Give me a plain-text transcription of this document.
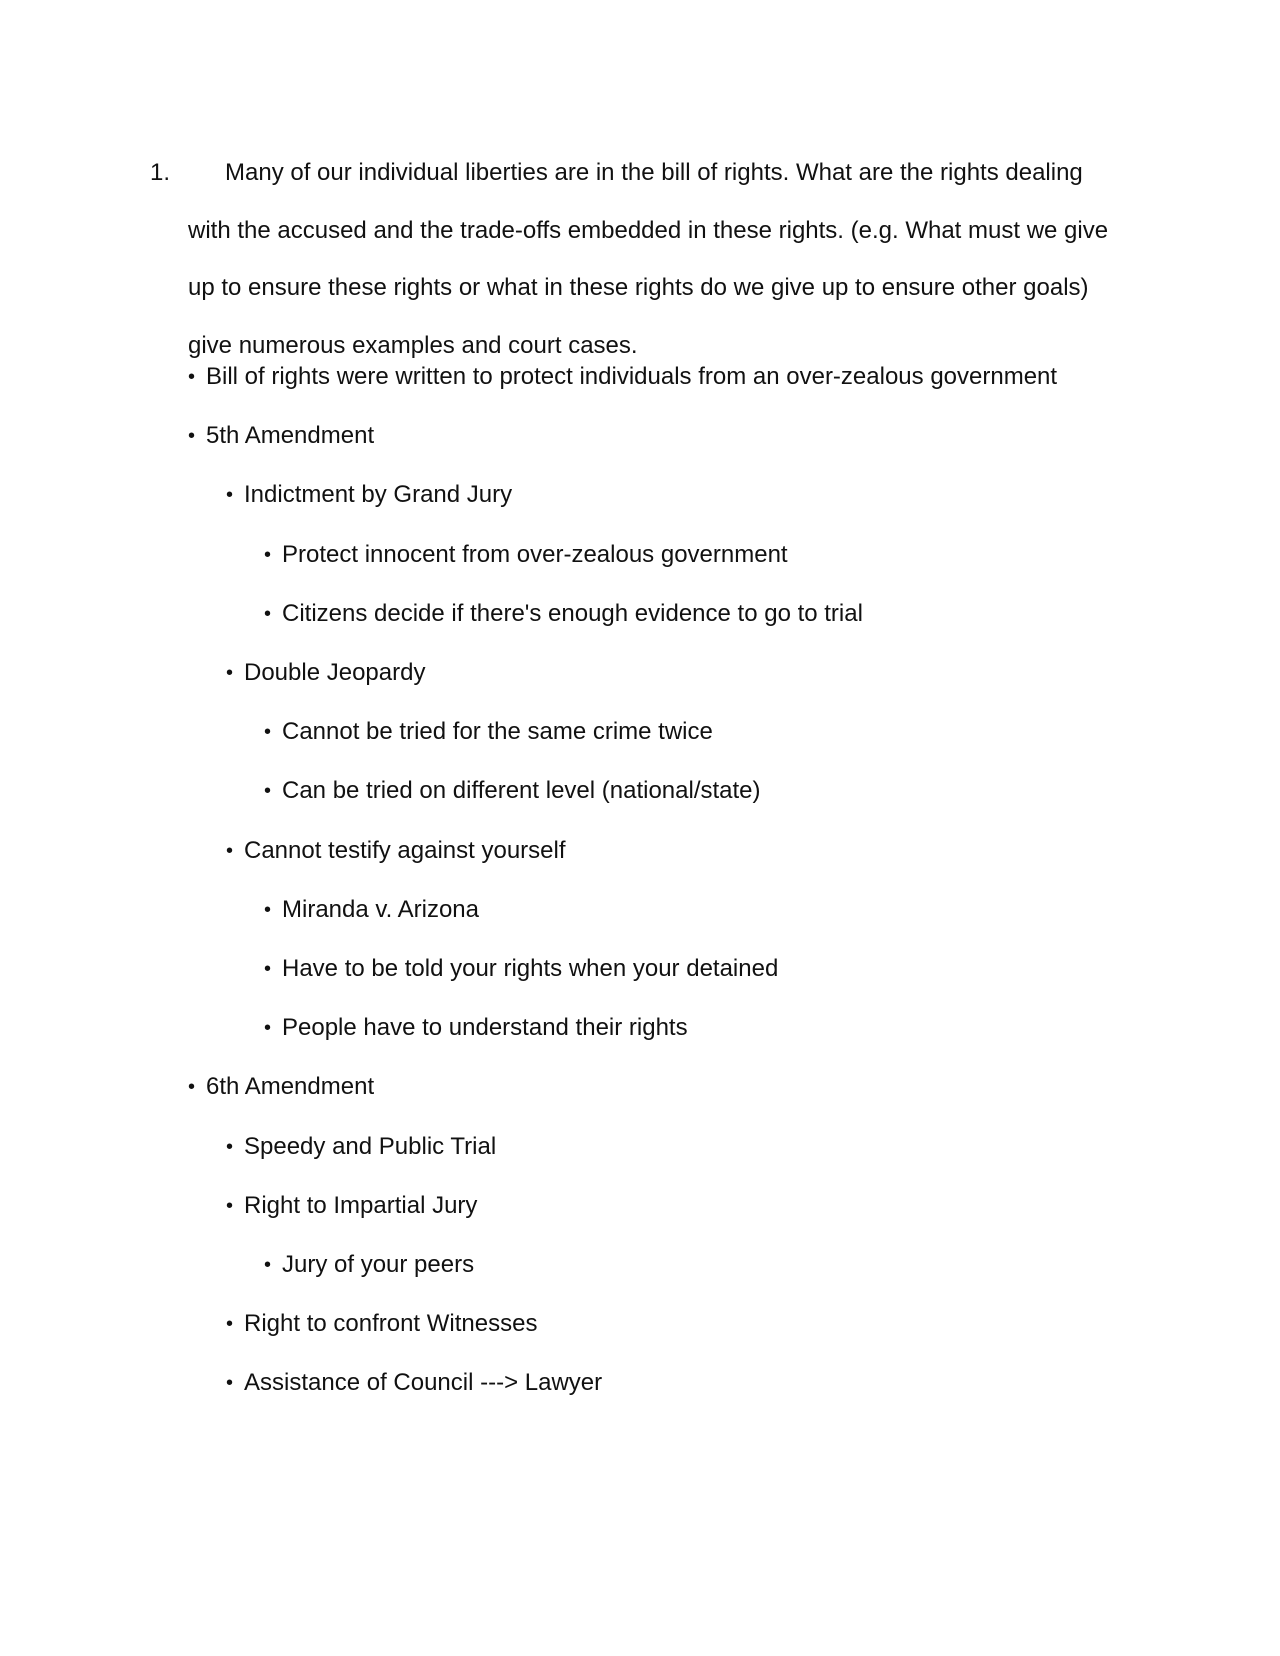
1.	Many of our individual liberties are in the bill of rights. What are the rights dealing with the accused and the trade-offs embedded in these rights. (e.g. What must we give up to ensure these rights or what in these rights do we give up to ensure other goals) give numerous examples and court cases.
• Bill of rights were written to protect individuals from an over-zealous government
• 5th Amendment
• Indictment by Grand Jury
• Protect innocent from over-zealous government
• Citizens decide if there's enough evidence to go to trial
• Double Jeopardy
• Cannot be tried for the same crime twice
• Can be tried on different level (national/state)
• Cannot testify against yourself
• Miranda v. Arizona
• Have to be told your rights when your detained
• People have to understand their rights
• 6th Amendment
• Speedy and Public Trial
• Right to Impartial Jury
• Jury of your peers
• Right to confront Witnesses
• Assistance of Council ---> Lawyer
